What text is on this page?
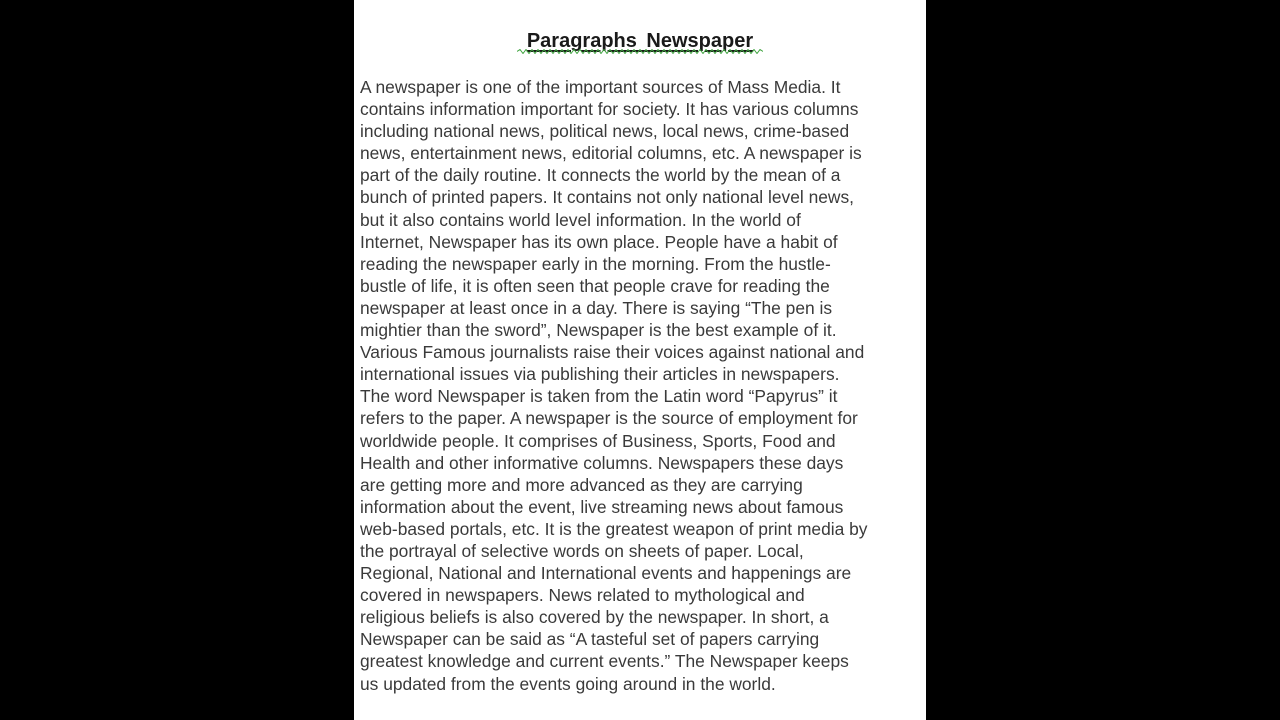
Paragraphs Newspaper
A newspaper is one of the important sources of Mass Media. It
contains information important for society. It has various columns
including national news, political news, local news, crime-based
news, entertainment news, editorial columns, etc. A newspaper is
part of the daily routine. It connects the world by the mean of a
bunch of printed papers. It contains not only national level news,
but it also contains world level information. In the world of
Internet, Newspaper has its own place. People have a habit of
reading the newspaper early in the morning. From the hustle-
bustle of life, it is often seen that people crave for reading the
newspaper at least once in a day. There is saying “The pen is
mightier than the sword”, Newspaper is the best example of it.
Various Famous journalists raise their voices against national and
international issues via publishing their articles in newspapers.
The word Newspaper is taken from the Latin word “Papyrus” it
refers to the paper. A newspaper is the source of employment for
worldwide people. It comprises of Business, Sports, Food and
Health and other informative columns. Newspapers these days
are getting more and more advanced as they are carrying
information about the event, live streaming news about famous
web-based portals, etc. It is the greatest weapon of print media by
the portrayal of selective words on sheets of paper. Local,
Regional, National and International events and happenings are
covered in newspapers. News related to mythological and
religious beliefs is also covered by the newspaper. In short, a
Newspaper can be said as “A tasteful set of papers carrying
greatest knowledge and current events.” The Newspaper keeps
us updated from the events going around in the world.
